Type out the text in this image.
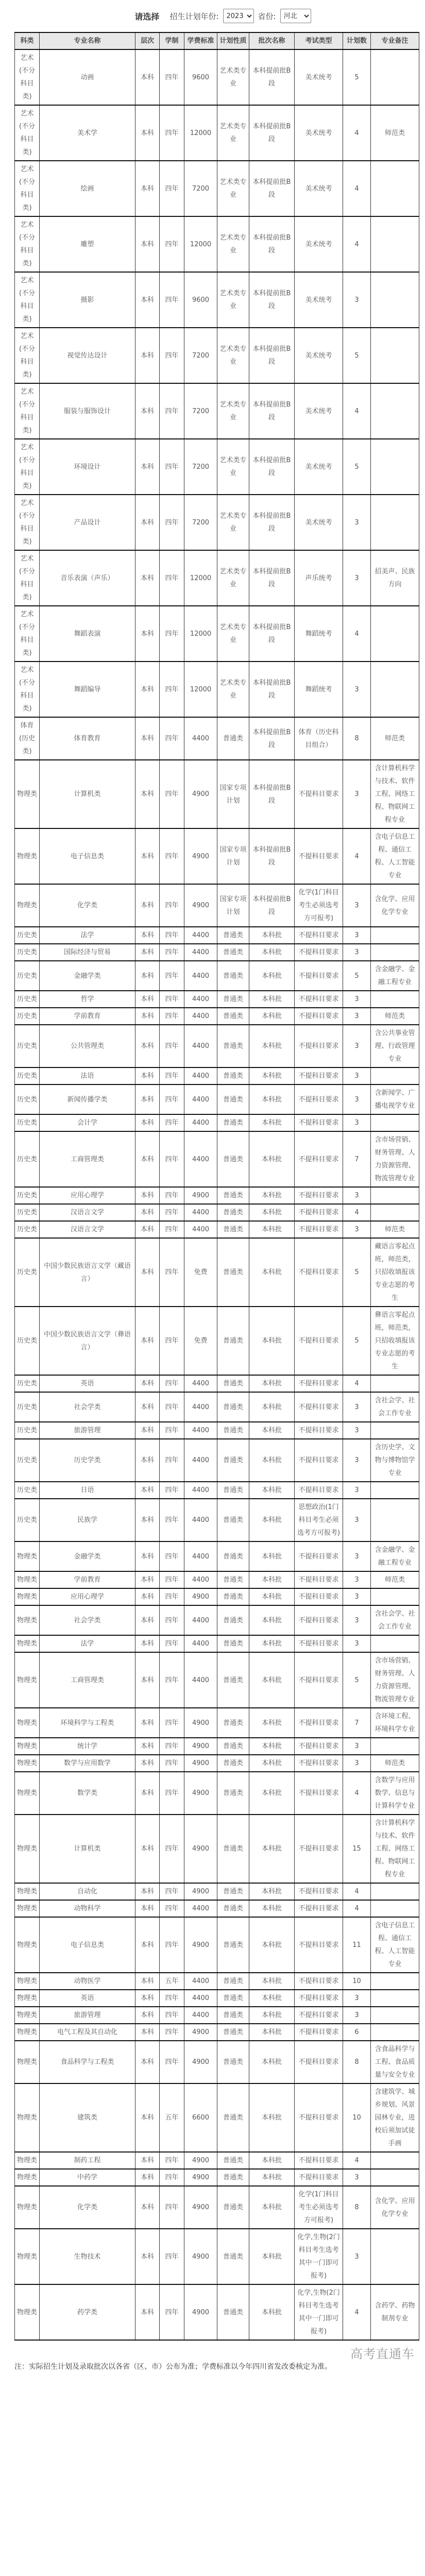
请选择 招生计划年份:
2023	省份:
河北
科类	专业名称	层次	学制	学费标准	计划性质	批次名称	考试类型	计划数	专业备注
艺术(不分科目类)	动画	本科	四年	9600	艺术类专业	本科提前批B段	美术统考	5	
艺术(不分科目类)	美术学	本科	四年	12000	艺术类专业	本科提前批B段	美术统考	4	师范类
艺术(不分科目类)	绘画	本科	四年	7200	艺术类专业	本科提前批B段	美术统考	4	
艺术(不分科目类)	雕塑	本科	四年	12000	艺术类专业	本科提前批B段	美术统考	4	
艺术(不分科目类)	摄影	本科	四年	9600	艺术类专业	本科提前批B段	美术统考	3	
艺术(不分科目类)	视觉传达设计	本科	四年	7200	艺术类专业	本科提前批B段	美术统考	5	
艺术(不分科目类)	服装与服饰设计	本科	四年	7200	艺术类专业	本科提前批B段	美术统考	4	
艺术(不分科目类)	环境设计	本科	四年	7200	艺术类专业	本科提前批B段	美术统考	5	
艺术(不分科目类)	产品设计	本科	四年	7200	艺术类专业	本科提前批B段	美术统考	3	
艺术(不分科目类)	音乐表演（声乐）	本科	四年	12000	艺术类专业	本科提前批B段	声乐统考	3	招美声、民族方向
艺术(不分科目类)	舞蹈表演	本科	四年	12000	艺术类专业	本科提前批B段	舞蹈统考	4	
艺术(不分科目类)	舞蹈编导	本科	四年	12000	艺术类专业	本科提前批B段	舞蹈统考	3	
体育(历史类)	体育教育	本科	四年	4400	普通类	本科提前批B段	体育（历史科目组合）	8	师范类
物理类	计算机类	本科	四年	4900	国家专项计划	本科提前批B段	不提科目要求	3	含计算机科学与技术、软件工程、网络工程、物联网工程专业
物理类	电子信息类	本科	四年	4900	国家专项计划	本科提前批B段	不提科目要求	4	含电子信息工程、通信工程、人工智能专业
物理类	化学类	本科	四年	4900	国家专项计划	本科提前批B段	化学(1门科目考生必须选考方可报考)	3	含化学、应用化学专业
历史类	法学	本科	四年	4400	普通类	本科批	不提科目要求	3	
历史类	国际经济与贸易	本科	四年	4400	普通类	本科批	不提科目要求	3	
历史类	金融学类	本科	四年	4400	普通类	本科批	不提科目要求	5	含金融学、金融工程专业
历史类	哲学	本科	四年	4400	普通类	本科批	不提科目要求	3	
历史类	学前教育	本科	四年	4400	普通类	本科批	不提科目要求	3	师范类
历史类	公共管理类	本科	四年	4400	普通类	本科批	不提科目要求	3	含公共事业管理、行政管理专业
历史类	法语	本科	四年	4400	普通类	本科批	不提科目要求	3	
历史类	新闻传播学类	本科	四年	4400	普通类	本科批	不提科目要求	3	含新闻学、广播电视学专业
历史类	会计学	本科	四年	4400	普通类	本科批	不提科目要求	3	
历史类	工商管理类	本科	四年	4400	普通类	本科批	不提科目要求	7	含市场营销、财务管理、人力资源管理、物流管理专业
历史类	应用心理学	本科	四年	4900	普通类	本科批	不提科目要求	3	
历史类	汉语言文学	本科	四年	4400	普通类	本科批	不提科目要求	4	
历史类	汉语言文学	本科	四年	4400	普通类	本科批	不提科目要求	3	师范类
历史类	中国少数民族语言文学（藏语言）	本科	四年	免费	普通类	本科批	不提科目要求	5	藏语言零起点班，师范类，只招收填报该专业志愿的考生
历史类	中国少数民族语言文学（彝语言）	本科	四年	免费	普通类	本科批	不提科目要求	5	彝语言零起点班，师范类，只招收填报该专业志愿的考生
历史类	英语	本科	四年	4400	普通类	本科批	不提科目要求	4	
历史类	社会学类	本科	四年	4400	普通类	本科批	不提科目要求	3	含社会学、社会工作专业
历史类	旅游管理	本科	四年	4400	普通类	本科批	不提科目要求	3	
历史类	历史学类	本科	四年	4400	普通类	本科批	不提科目要求	3	含历史学、文物与博物馆学专业
历史类	日语	本科	四年	4400	普通类	本科批	不提科目要求	3	
历史类	民族学	本科	四年	4400	普通类	本科批	思想政治(1门科目考生必须选考方可报考)	3	
物理类	金融学类	本科	四年	4400	普通类	本科批	不提科目要求	3	含金融学、金融工程专业
物理类	学前教育	本科	四年	4400	普通类	本科批	不提科目要求	3	师范类
物理类	应用心理学	本科	四年	4900	普通类	本科批	不提科目要求	3	
物理类	社会学类	本科	四年	4400	普通类	本科批	不提科目要求	3	含社会学、社会工作专业
物理类	法学	本科	四年	4400	普通类	本科批	不提科目要求	3	
物理类	工商管理类	本科	四年	4400	普通类	本科批	不提科目要求	5	含市场营销、财务管理、人力资源管理、物流管理专业
物理类	环境科学与工程类	本科	四年	4900	普通类	本科批	不提科目要求	7	含环境工程、环境科学专业
物理类	统计学	本科	四年	4900	普通类	本科批	不提科目要求	3	
物理类	数学与应用数学	本科	四年	4900	普通类	本科批	不提科目要求	3	师范类
物理类	数学类	本科	四年	4900	普通类	本科批	不提科目要求	4	含数学与应用数学、信息与计算科学专业
物理类	计算机类	本科	四年	4900	普通类	本科批	不提科目要求	15	含计算机科学与技术、软件工程、网络工程、物联网工程专业
物理类	自动化	本科	四年	4900	普通类	本科批	不提科目要求	4	
物理类	动物科学	本科	四年	4400	普通类	本科批	不提科目要求	4	
物理类	电子信息类	本科	四年	4900	普通类	本科批	不提科目要求	11	含电子信息工程、通信工程、人工智能专业
物理类	动物医学	本科	五年	4400	普通类	本科批	不提科目要求	10	
物理类	英语	本科	四年	4400	普通类	本科批	不提科目要求	3	
物理类	旅游管理	本科	四年	4400	普通类	本科批	不提科目要求	3	
物理类	电气工程及其自动化	本科	四年	4900	普通类	本科批	不提科目要求	6	
物理类	食品科学与工程类	本科	四年	4900	普通类	本科批	不提科目要求	8	含食品科学与工程、食品质量与安全专业
物理类	建筑类	本科	五年	6600	普通类	本科批	不提科目要求	10	含建筑学、城乡规划、风景园林专业，进校后须加试徒手画
物理类	制药工程	本科	四年	4900	普通类	本科批	不提科目要求	4	
物理类	中药学	本科	四年	4900	普通类	本科批	不提科目要求	3	
物理类	化学类	本科	四年	4900	普通类	本科批	化学(1门科目考生必须选考方可报考)	8	含化学、应用化学专业
物理类	生物技术	本科	四年	4900	普通类	本科批	化学,生物(2门科目考生选考其中一门即可报考)	3	
物理类	药学类	本科	四年	4900	普通类	本科批	化学,生物(2门科目考生选考其中一门即可报考)	4	含药学、药物制剂专业
高考直通车
注：实际招生计划及录取批次以各省（区、市）公布为准；学费标准以今年四川省发改委核定为准。
